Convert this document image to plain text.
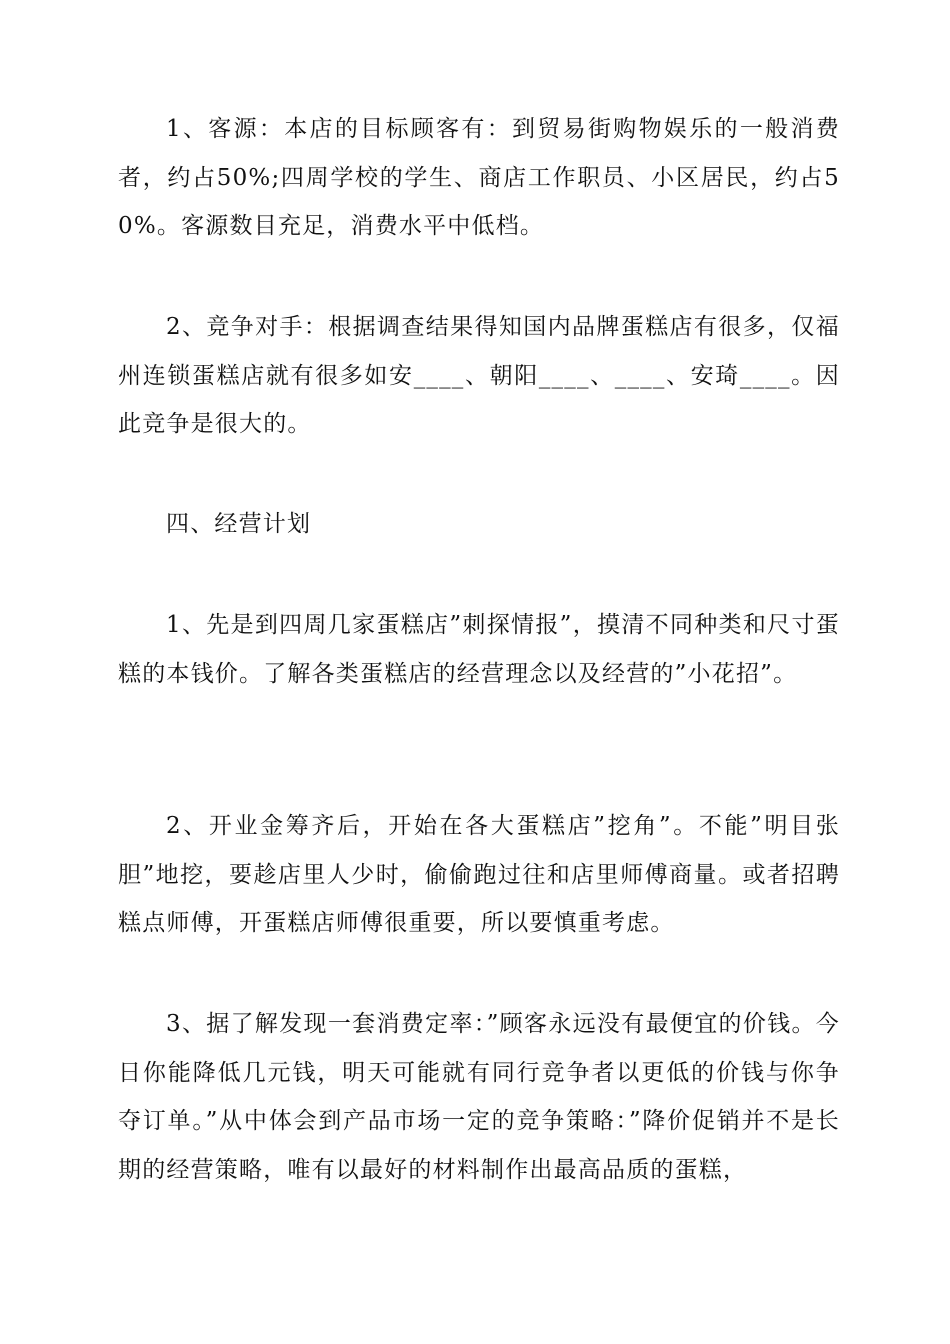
1、客源：本店的目标顾客有：到贸易街购物娱乐的一般消费者，约占50%;四周学校的学生、商店工作职员、小区居民，约占50%。客源数目充足，消费水平中低档。

2、竞争对手：根据调查结果得知国内品牌蛋糕店有很多，仅福州连锁蛋糕店就有很多如安____、朝阳____、____、安琦____。因此竞争是很大的。

四、经营计划

1、先是到四周几家蛋糕店”刺探情报”，摸清不同种类和尺寸蛋糕的本钱价。了解各类蛋糕店的经营理念以及经营的”小花招”。

2、开业金筹齐后，开始在各大蛋糕店”挖角”。不能”明目张胆”地挖，要趁店里人少时，偷偷跑过往和店里师傅商量。或者招聘糕点师傅，开蛋糕店师傅很重要，所以要慎重考虑。

3、据了解发现一套消费定率：”顾客永远没有最便宜的价钱。今日你能降低几元钱，明天可能就有同行竞争者以更低的价钱与你争夺订单。”从中体会到产品市场一定的竞争策略：”降价促销并不是长期的经营策略，唯有以最好的材料制作出最高品质的蛋糕，
